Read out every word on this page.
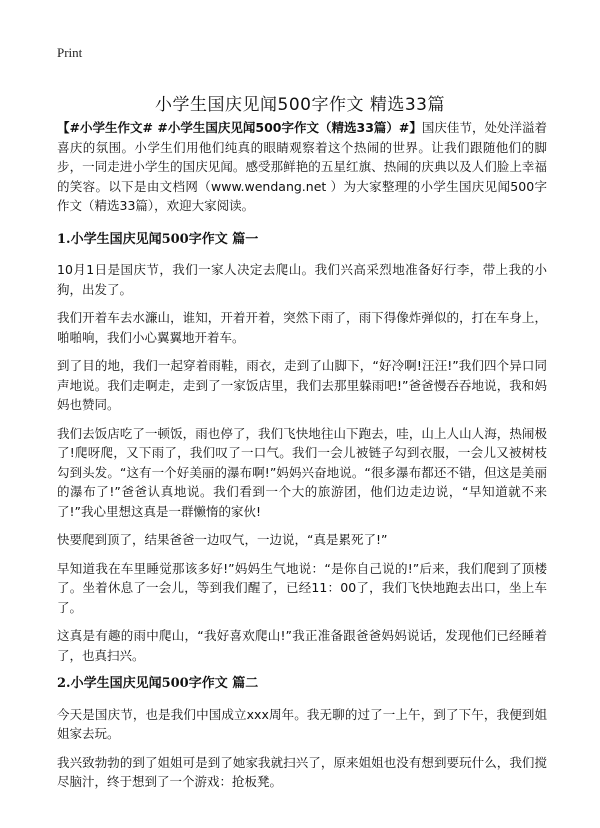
Print
小学生国庆见闻500字作文 精选33篇

【#小学生作文# #小学生国庆见闻500字作文（精选33篇）#】国庆佳节，处处洋溢着喜庆的氛围。小学生们用他们纯真的眼睛观察着这个热闹的世界。让我们跟随他们的脚步，一同走进小学生的国庆见闻。感受那鲜艳的五星红旗、热闹的庆典以及人们脸上幸福的笑容。以下是由文档网（www.wendang.net ）为大家整理的小学生国庆见闻500字作文（精选33篇），欢迎大家阅读。

1.小学生国庆见闻500字作文 篇一

10月1日是国庆节，我们一家人决定去爬山。我们兴高采烈地准备好行李，带上我的小狗，出发了。

我们开着车去水濂山，谁知，开着开着，突然下雨了，雨下得像炸弹似的，打在车身上，啪啪响，我们小心翼翼地开着车。

到了目的地，我们一起穿着雨鞋，雨衣，走到了山脚下，“好冷啊!汪汪!”我们四个异口同声地说。我们走啊走，走到了一家饭店里，我们去那里躲雨吧!”爸爸慢吞吞地说，我和妈妈也赞同。

我们去饭店吃了一顿饭，雨也停了，我们飞快地往山下跑去，哇，山上人山人海，热闹极了!爬呀爬，又下雨了，我们叹了一口气。我们一会儿被链子勾到衣服，一会儿又被树枝勾到头发。“这有一个好美丽的瀑布啊!”妈妈兴奋地说。“很多瀑布都还不错，但这是美丽的瀑布了!”爸爸认真地说。我们看到一个大的旅游团，他们边走边说，“早知道就不来了!”我心里想这真是一群懒惰的家伙!

快要爬到顶了，结果爸爸一边叹气，一边说，“真是累死了!”

早知道我在车里睡觉那该多好!”妈妈生气地说：“是你自己说的!”后来，我们爬到了顶楼了。坐着休息了一会儿，等到我们醒了，已经11：00了，我们飞快地跑去出口，坐上车了。

这真是有趣的雨中爬山，“我好喜欢爬山!”我正准备跟爸爸妈妈说话，发现他们已经睡着了，也真扫兴。

2.小学生国庆见闻500字作文 篇二

今天是国庆节，也是我们中国成立xxx周年。我无聊的过了一上午，到了下午，我便到姐姐家去玩。

我兴致勃勃的到了姐姐可是到了她家我就扫兴了，原来姐姐也没有想到要玩什么，我们搅尽脑汁，终于想到了一个游戏：抢板凳。
